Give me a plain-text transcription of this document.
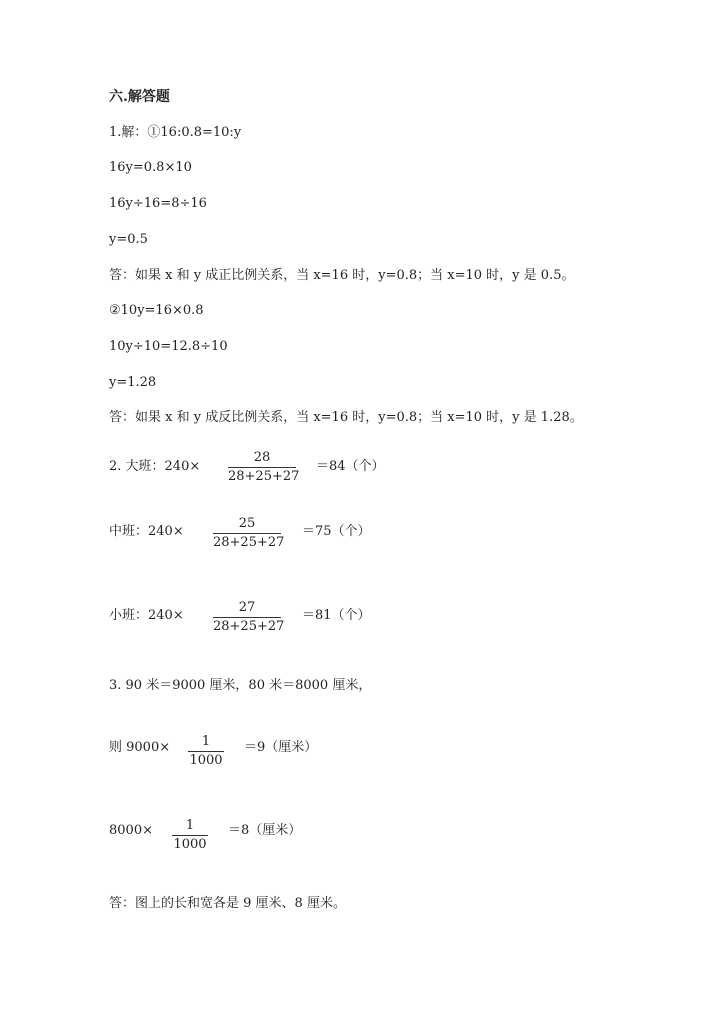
六.解答题
1.解：①16:0.8=10:y
16y=0.8×10
16y÷16=8÷16
y=0.5
答：如果 x 和 y 成正比例关系，当 x=16 时，y=0.8；当 x=10 时，y 是 0.5。
②10y=16×0.8
10y÷10=12.8÷10
y=1.28
答：如果 x 和 y 成反比例关系，当 x=16 时，y=0.8；当 x=10 时，y 是 1.28。
2. 大班：240×
28
28+25+27
＝84（个）
中班：240×
25
28+25+27
＝75（个）
小班：240×
27
28+25+27
＝81（个）
3. 90 米＝9000 厘米，80 米＝8000 厘米，
则 9000×	1
1000
＝9（厘米）
8000×	1
1000
＝8（厘米）
答：图上的长和宽各是 9 厘米、8 厘米。
